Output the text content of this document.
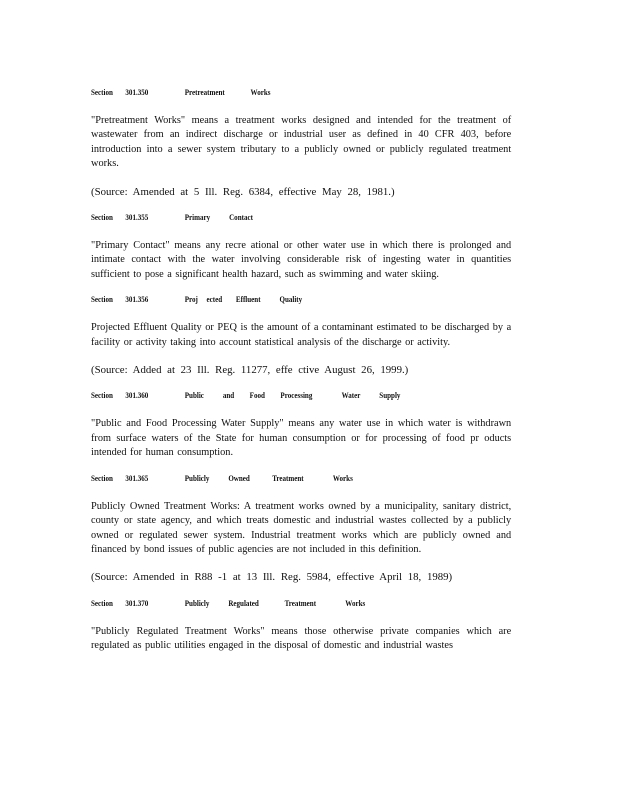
Section 301.350	Pretreatment	Works

"Pretreatment Works" means a treatment works designed and intended for the treatment of wastewater from an indirect discharge or industrial user as defined in 40 CFR 403, before introduction into a sewer system tributary to a publicly owned or publicly regulated treatment works.

(Source: Amended at 5 Ill. Reg. 6384, effective May 28, 1981.)

Section 301.355	Primary Contact

"Primary Contact" means any recre ational or other water use in which there is prolonged and intimate contact with the water involving considerable risk of ingesting water in quantities sufficient to pose a significant health hazard, such as swimming and water skiing.

Section 301.356	Proj ected Effluent Quality

Projected Effluent Quality or PEQ is the amount of a contaminant estimated to be discharged by a facility or activity taking into account statistical analysis of the discharge or activity.

(Source: Added at 23 Ill. Reg. 11277, effe ctive August 26, 1999.)

Section 301.360	Public and Food Processing	Water Supply

"Public and Food Processing Water Supply" means any water use in which water is withdrawn from surface waters of the State for human consumption or for processing of food pr oducts intended for human consumption.

Section 301.365	Publicly Owned	Treatment	Works

Publicly Owned Treatment Works: A treatment works owned by a municipality, sanitary district, county or state agency, and which treats domestic and industrial wastes collected by a publicly owned or regulated sewer system. Industrial treatment works which are publicly owned and financed by bond issues of public agencies are not included in this definition.

(Source: Amended in R88 -1 at 13 Ill. Reg. 5984, effective April 18, 1989)

Section 301.370	Publicly Regulated	Treatment	Works

"Publicly Regulated Treatment Works" means those otherwise private companies which are regulated as public utilities engaged in the disposal of domestic and industrial wastes
